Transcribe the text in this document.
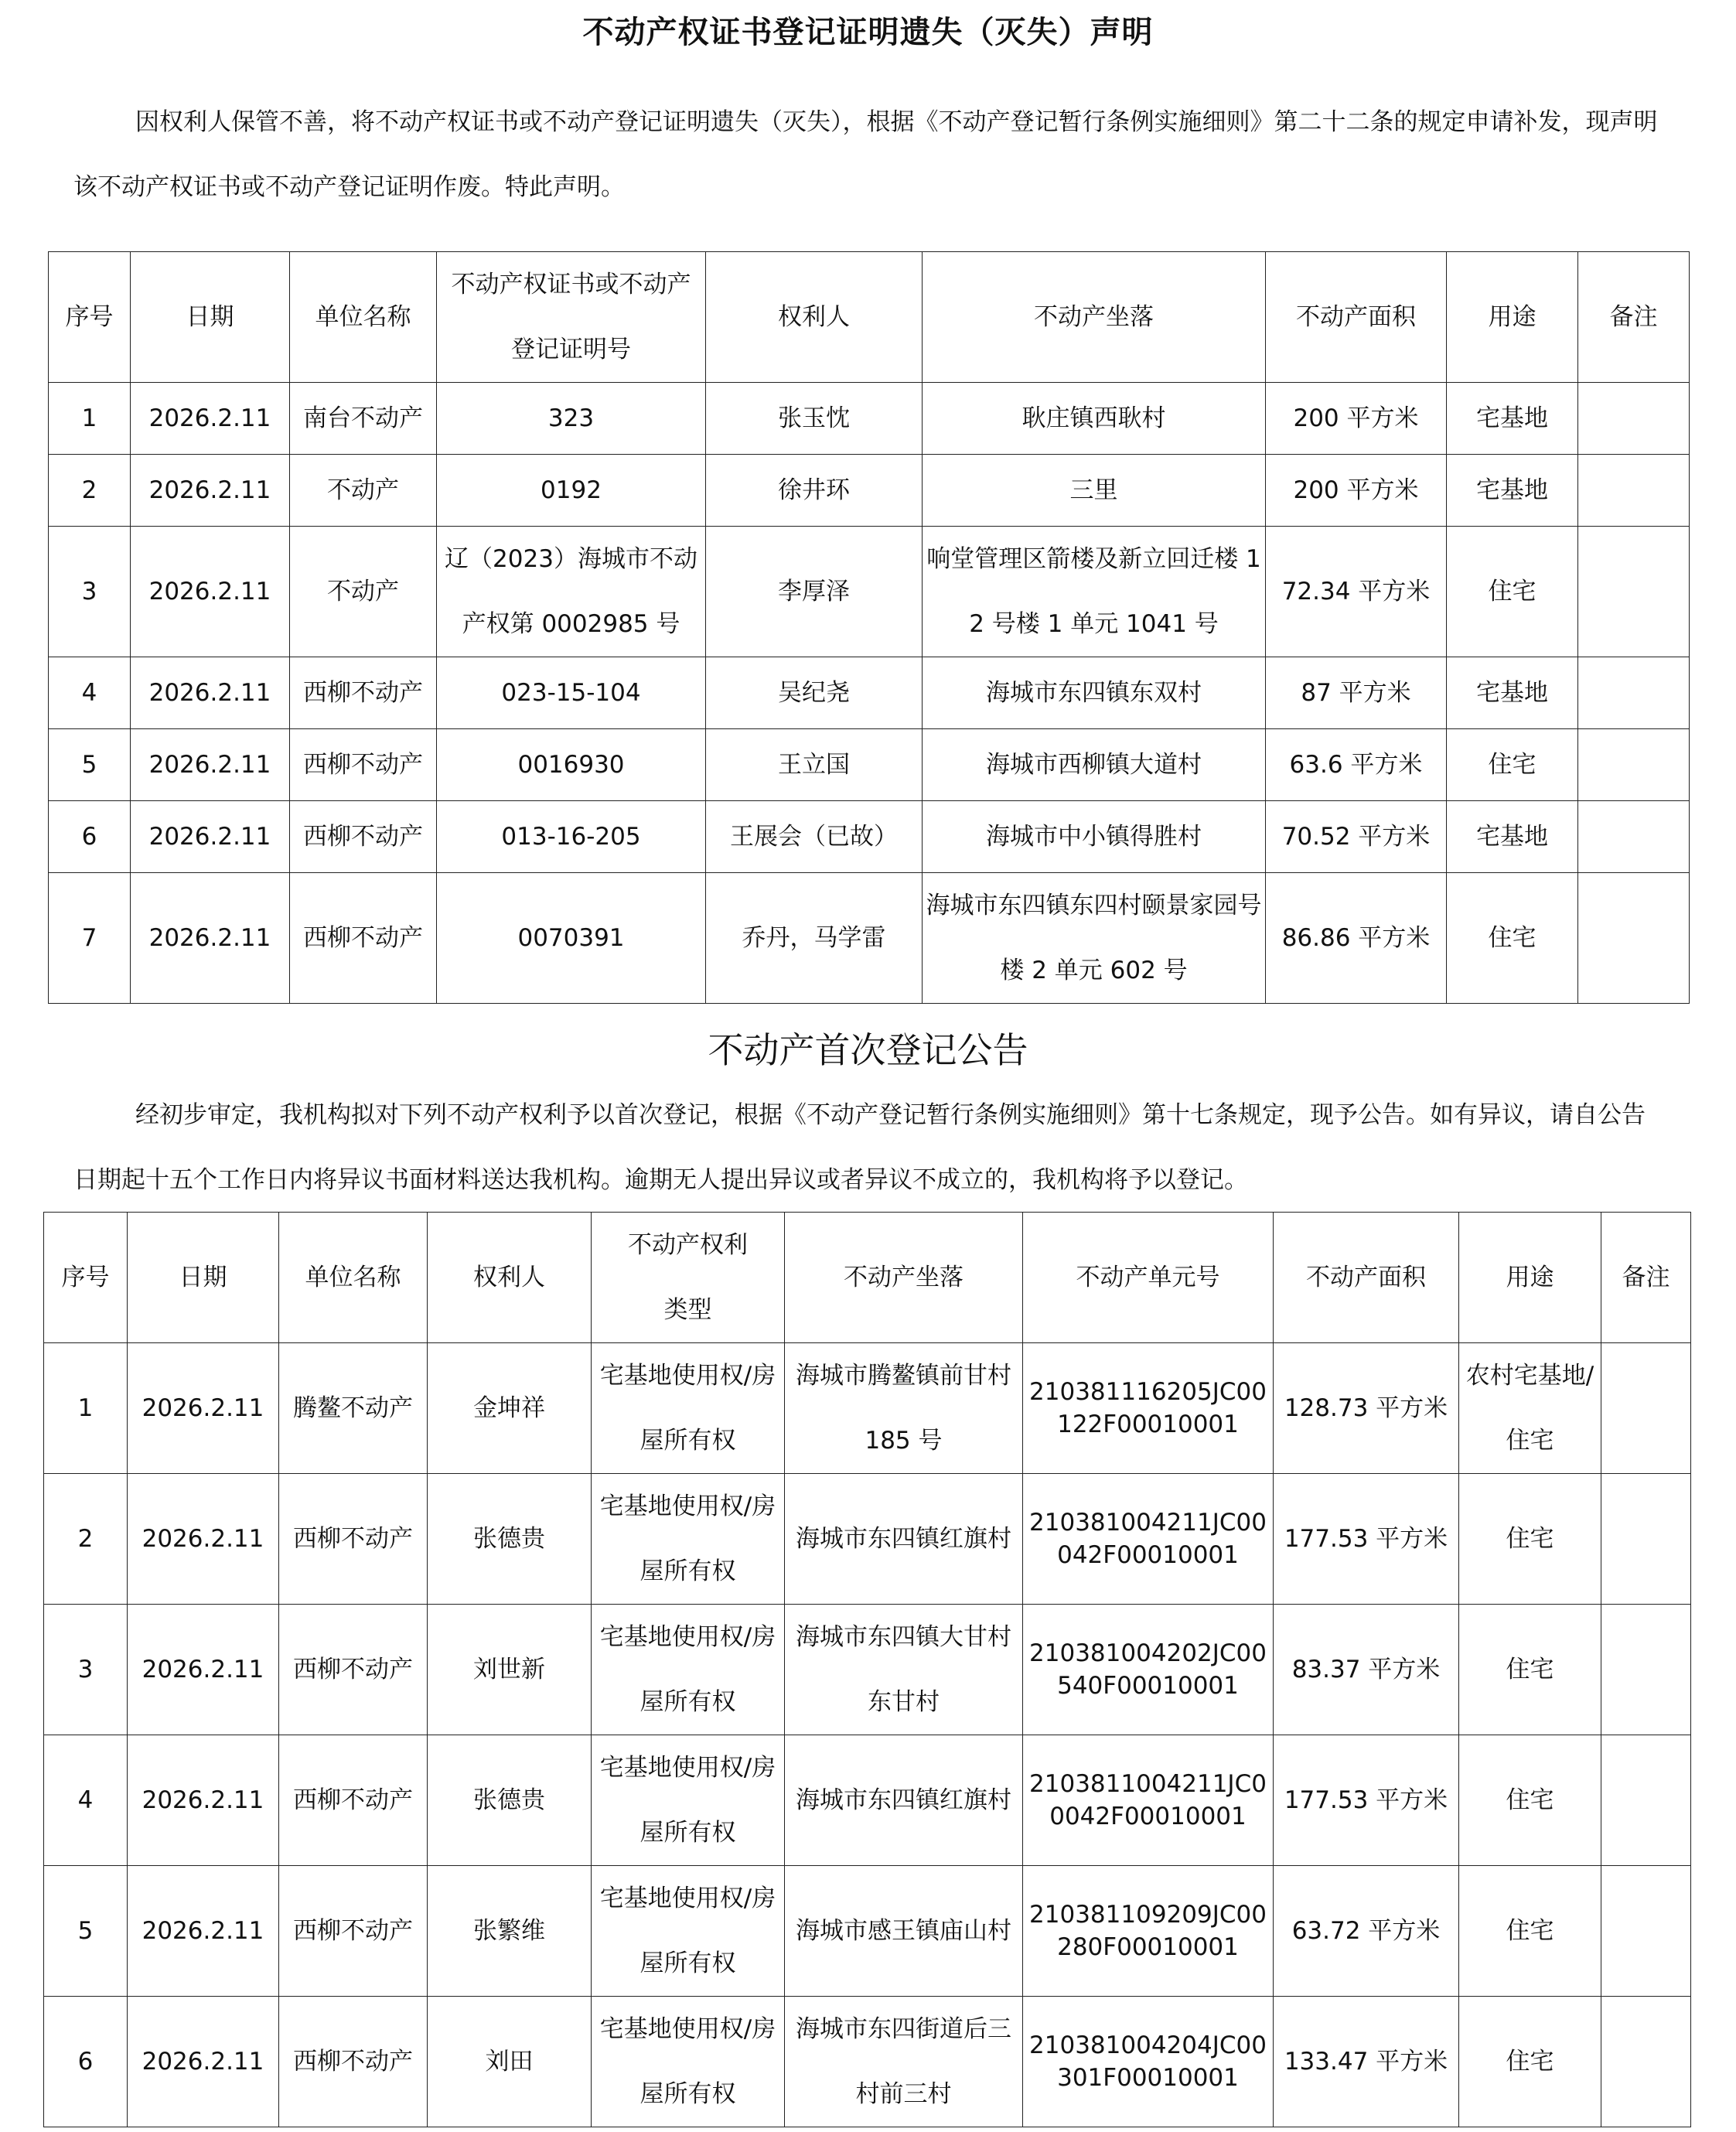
不动产权证书登记证明遗失（灭失）声明

因权利人保管不善，将不动产权证书或不动产登记证明遗失（灭失），根据《不动产登记暂行条例实施细则》第二十二条的规定申请补发，现声明该不动产权证书或不动产登记证明作废。特此声明。

序号	日期	单位名称	不动产权证书或不动产登记证明号	权利人	不动产坐落	不动产面积	用途	备注
1	2026.2.11	南台不动产	323	张玉忱	耿庄镇西耿村	200 平方米	宅基地	
2	2026.2.11	不动产	0192	徐井环	三里	200 平方米	宅基地	
3	2026.2.11	不动产	辽（2023）海城市不动产权第 0002985 号	李厚泽	响堂管理区箭楼及新立回迁楼 12 号楼 1 单元 1041 号	72.34 平方米	住宅	
4	2026.2.11	西柳不动产	023-15-104	吴纪尧	海城市东四镇东双村	87 平方米	宅基地	
5	2026.2.11	西柳不动产	0016930	王立国	海城市西柳镇大道村	63.6 平方米	住宅	
6	2026.2.11	西柳不动产	013-16-205	王展会（已故）	海城市中小镇得胜村	70.52 平方米	宅基地	
7	2026.2.11	西柳不动产	0070391	乔丹，马学雷	海城市东四镇东四村颐景家园号楼 2 单元 602 号	86.86 平方米	住宅	
不动产首次登记公告

经初步审定，我机构拟对下列不动产权利予以首次登记，根据《不动产登记暂行条例实施细则》第十七条规定，现予公告。如有异议，请自公告日期起十五个工作日内将异议书面材料送达我机构。逾期无人提出异议或者异议不成立的，我机构将予以登记。

序号	日期	单位名称	权利人	不动产权利类型	不动产坐落	不动产单元号	不动产面积	用途	备注
1	2026.2.11	腾鳌不动产	金坤祥	宅基地使用权/房屋所有权	海城市腾鳌镇前甘村 185 号	210381116205JC00122F00010001	128.73 平方米	农村宅基地/住宅	
2	2026.2.11	西柳不动产	张德贵	宅基地使用权/房屋所有权	海城市东四镇红旗村	210381004211JC00042F00010001	177.53 平方米	住宅	
3	2026.2.11	西柳不动产	刘世新	宅基地使用权/房屋所有权	海城市东四镇大甘村东甘村	210381004202JC00540F00010001	83.37 平方米	住宅	
4	2026.2.11	西柳不动产	张德贵	宅基地使用权/房屋所有权	海城市东四镇红旗村	2103811004211JC00042F00010001	177.53 平方米	住宅	
5	2026.2.11	西柳不动产	张繁维	宅基地使用权/房屋所有权	海城市感王镇庙山村	210381109209JC00280F00010001	63.72 平方米	住宅	
6	2026.2.11	西柳不动产	刘田	宅基地使用权/房屋所有权	海城市东四街道后三村前三村	210381004204JC00301F00010001	133.47 平方米	住宅	
